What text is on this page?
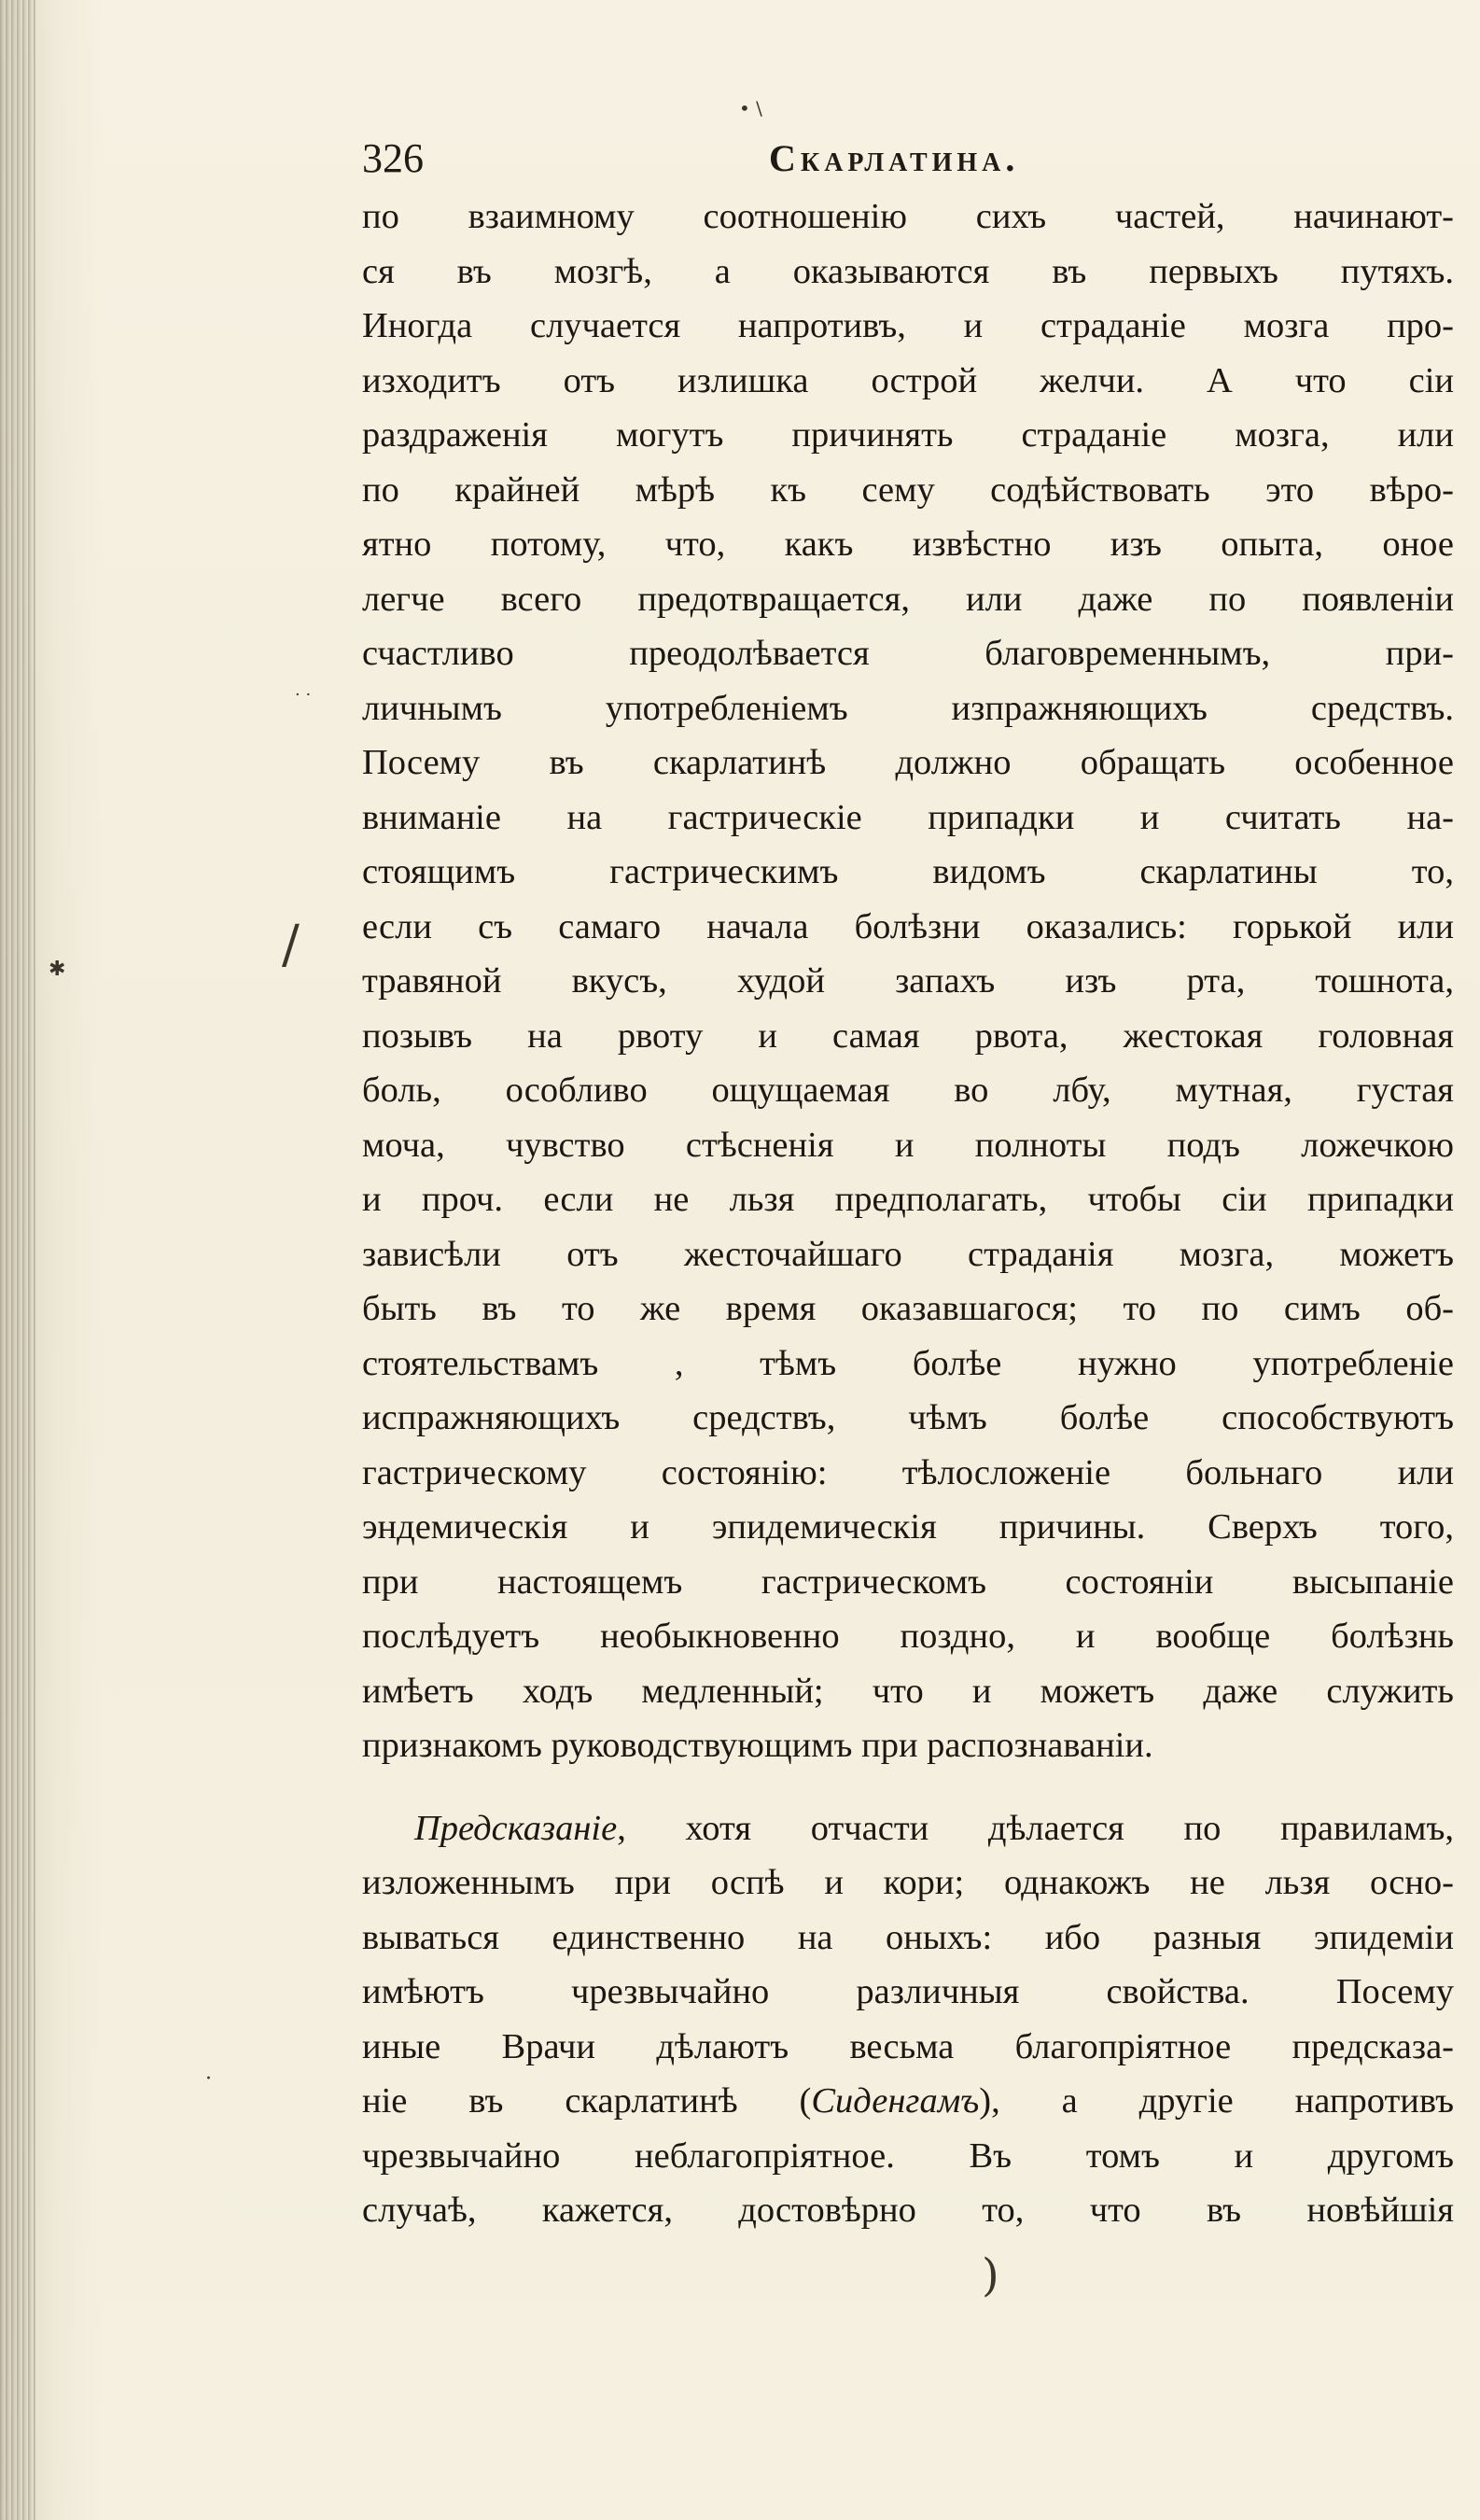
326	Скарлатина.
по взаимному соотношенію сихъ частей, начинают-
ся въ мозгѣ, а оказываются въ первыхъ путяхъ.
Иногда случается напротивъ, и страданіе мозга про-
изходитъ отъ излишка острой желчи. А что сіи
раздраженія могутъ причинять страданіе мозга, или
по крайней мѣрѣ къ сему содѣйствовать это вѣро-
ятно потому, что, какъ извѣстно изъ опыта, оное
легче всего предотвращается, или даже по появленіи
счастливо преодолѣвается благовременнымъ, при-
личнымъ употребленіемъ изпражняющихъ средствъ.
Посему въ скарлатинѣ должно обращать особенное
вниманіе на гастрическіе припадки и считать на-
стоящимъ гастрическимъ видомъ скарлатины то,
если съ самаго начала болѣзни оказались: горькой или
травяной вкусъ, худой запахъ изъ рта, тошнота,
позывъ на рвоту и самая рвота, жестокая головная
боль, особливо ощущаемая во лбу, мутная, густая
моча, чувство стѣсненія и полноты подъ ложечкою
и проч. если не льзя предполагать, чтобы сіи припадки
зависѣли отъ жесточайшаго страданія мозга, можетъ
быть въ то же время оказавшагося; то по симъ об-
стоятельствамъ , тѣмъ болѣе нужно употребленіе
испражняющихъ средствъ, чѣмъ болѣе способствуютъ
гастрическому состоянію: тѣлосложеніе больнаго или
эндемическія и эпидемическія причины. Сверхъ того,
при настоящемъ гастрическомъ состояніи высыпаніе
послѣдуетъ необыкновенно поздно, и вообще болѣзнь
имѣетъ ходъ медленный; что и можетъ даже служить
признакомъ руководствующимъ при распознаваніи.
Предсказаніе, хотя отчасти дѣлается по правиламъ,
изложеннымъ при оспѣ и кори; однакожъ не льзя осно-
вываться единственно на оныхъ: ибо разныя эпидеміи
имѣютъ чрезвычайно различныя свойства. Посему
иные Врачи дѣлаютъ весьма благопріятное предсказа-
ніе въ скарлатинѣ (Сиденгамъ), а другіе напротивъ
чрезвычайно неблагопріятное. Въ томъ и другомъ
случаѣ, кажется, достовѣрно то, что въ новѣйшія
• \
· ·
/
✱
·
)
